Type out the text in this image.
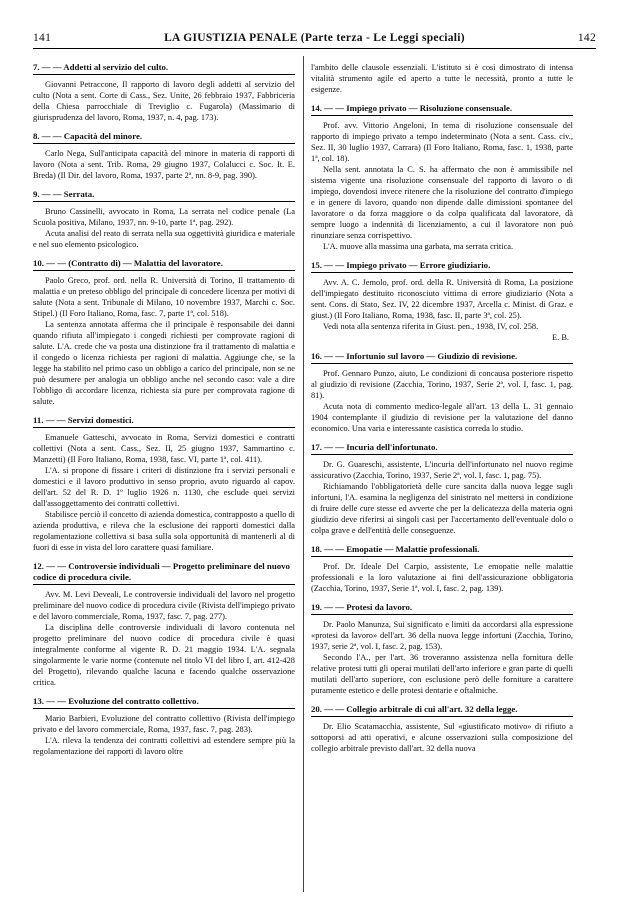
141	LA GIUSTIZIA PENALE (Parte terza - Le Leggi speciali)	142
7. — — Addetti al servizio del culto.

Giovanni Petraccone, Il rapporto di lavoro degli addetti al servizio del culto (Nota a sent. Corte di Cass., Sez. Unite, 26 febbraio 1937, Fabbriceria della Chiesa parrocchiale di Treviglio c. Fugarola) (Massimario di giurisprudenza del lavoro, Roma, 1937, n. 4, pag. 173).

8. — — Capacità del minore.

Carlo Nega, Sull'anticipata capacità del minore in materia di rapporti di lavoro (Nota a sent. Trib. Roma, 29 giugno 1937, Colalucci c. Soc. It. E. Breda) (Il Dir. del lavoro, Roma, 1937, parte 2ª, nn. 8-9, pag. 390).

9. — — Serrata.

Bruno Cassinelli, avvocato in Roma, La serrata nel codice penale (La Scuola positiva, Milano, 1937, nn. 9-10, parte 1ª, pag. 292).

Acuta analisi del reato di serrata nella sua oggettività giuridica e materiale e nel suo elemento psicologico.

10. — — (Contratto di) — Malattia del lavoratore.

Paolo Greco, prof. ord. nella R. Università di Torino, Il trattamento di malattia e un preteso obbligo del principale di concedere licenza per motivi di salute (Nota a sent. Tribunale di Milano, 10 novembre 1937, Marchi c. Soc. Stipel.) (Il Foro Italiano, Roma, fasc. 7, parte 1ª, col. 518).

La sentenza annotata afferma che il principale è responsabile dei danni quando rifiuta all'impiegato i congedi richiesti per comprovate ragioni di salute. L'A. crede che va posta una distinzione fra il trattamento di malattia e il congedo o licenza richiesta per ragioni di malattia. Aggiunge che, se la legge ha stabilito nel primo caso un obbligo a carico del principale, non se ne può desumere per analogia un obbligo anche nel secondo caso: vale a dire l'obbligo di accordare licenza, richiesta sia pure per comprovata ragione di salute.

11. — — Servizi domestici.

Emanuele Gatteschi, avvocato in Roma, Servizi domestici e contratti collettivi (Nota a sent. Cass., Sez. II, 25 giugno 1937, Sammartino c. Manzetti) (Il Foro Italiano, Roma, 1938, fasc. VI, parte 1ª, col. 411).

L'A. si propone di fissare i criteri di distinzione fra i servizi personali e domestici e il lavoro produttivo in senso proprio, avuto riguardo al capov. dell'art. 52 del R. D. 1º luglio 1926 n. 1130, che esclude quei servizi dall'assoggettamento dei contratti collettivi.

Stabilisce perciò il concetto di azienda domestica, contrapposto a quello di azienda produttiva, e rileva che la esclusione dei rapporti domestici dalla regolamentazione collettiva si basa sulla sola opportunità di mantenerli al di fuori di esse in vista del loro carattere quasi familiare.

12. — — Controversie individuali — Progetto preliminare del nuovo codice di procedura civile.

Avv. M. Levi Deveali, Le controversie individuali del lavoro nel progetto preliminare del nuovo codice di procedura civile (Rivista dell'impiego privato e del lavoro commerciale, Roma, 1937, fasc. 7, pag. 277).

La disciplina delle controversie individuali di lavoro contenuta nel progetto preliminare del nuovo codice di procedura civile è quasi integralmente conforme al vigente R. D. 21 maggio 1934. L'A. segnala singolarmente le varie norme (contenute nel titolo VI del libro I, art. 412-428 del Progetto), rilevando qualche lacuna e facendo qualche osservazione critica.

13. — — Evoluzione del contratto collettivo.

Mario Barbieri, Evoluzione del contratto collettivo (Rivista dell'impiego privato e del lavoro commerciale, Roma, 1937, fasc. 7, pag. 283).

L'A. rileva la tendenza dei contratti collettivi ad estendere sempre più la regolamentazione dei rapporti di lavoro oltre

l'ambito delle clausole essenziali. L'istituto si è così dimostrato di intensa vitalità strumento agile ed aperto a tutte le necessità, pronto a tutte le esigenze.

14. — — Impiego privato — Risoluzione consensuale.

Prof. avv. Vittorio Angeloni, In tema di risoluzione consensuale del rapporto di impiego privato a tempo indeterminato (Nota a sent. Cass. civ., Sez. II, 30 luglio 1937, Carrara) (Il Foro Italiano, Roma, fasc. 1, 1938, parte 1ª, col. 18).

Nella sent. annotata la C. S. ha affermato che non è ammissibile nel sistema vigente una risoluzione consensuale del rapporto di lavoro o di impiego, dovendosi invece ritenere che la risoluzione del contratto d'impiego e in genere di lavoro, quando non dipende dalle dimissioni spontanee del lavoratore o da forza maggiore o da colpa qualificata dal lavoratore, dà sempre luogo a indennità di licenziamento, a cui il lavoratore non può rinunziare senza corrispettivo.

L'A. muove alla massima una garbata, ma serrata critica.

15. — — Impiego privato — Errore giudiziario.

Avv. A. C. Jemolo, prof. ord. della R. Università di Roma, La posizione dell'impiegato destituito riconosciuto vittima di errore giudiziario (Nota a sent. Cons. di Stato, Sez. IV, 22 dicembre 1937, Arcella c. Minist. di Graz. e giust.) (Il Foro Italiano, Roma, 1938, fasc. II, parte 3ª, col. 25).

Vedi nota alla sentenza riferita in Giust. pen., 1938, IV, col. 258.

E. B.

16. — — Infortunio sul lavoro — Giudizio di revisione.

Prof. Gennaro Punzo, aiuto, Le condizioni di concausa posteriore rispetto al giudizio di revisione (Zacchia, Torino, 1937, Serie 2ª, vol. I, fasc. 1, pag. 81).

Acuta nota di commento medico-legale all'art. 13 della L. 31 gennaio 1904 contemplante il giudizio di revisione per la valutazione del danno economico. Una varia e interessante casistica correda lo studio.

17. — — Incuria dell'infortunato.

Dr. G. Guareschi, assistente, L'incuria dell'infortunato nel nuovo regime assicurativo (Zacchia, Torino, 1937, Serie 2ª, vol. I, fasc. 1, pag. 75).

Richiamando l'obbligatorietà delle cure sancita dalla nuova legge sugli infortuni, l'A. esamina la negligenza del sinistrato nel mettersi in condizione di fruire delle cure stesse ed avverte che per la delicatezza della materia ogni giudizio deve riferirsi ai singoli casi per l'accertamento dell'eventuale dolo o colpa grave e dell'entità delle conseguenze.

18. — — Emopatie — Malattie professionali.

Prof. Dr. Ideale Del Carpio, assistente, Le emopatie nelle malattie professionali e la loro valutazione ai fini dell'assicurazione obbligatoria (Zacchia, Torino, 1937, Serie 1ª, vol. I, fasc. 2, pag. 139).

19. — — Protesi da lavoro.

Dr. Paolo Manunza, Sui significato e limiti da accordarsi alla espressione «protesi da lavoro» dell'art. 36 della nuova legge infortuni (Zacchia, Torino, 1937, serie 2ª, vol. I, fasc. 2, pag. 153).

Secondo l'A., per l'art. 36 troveranno assistenza nella fornitura delle relative protesi tutti gli operai mutilati dell'arto inferiore e gran parte di quelli mutilati dell'arto superiore, con esclusione però delle forniture a carattere puramente estetico e delle protesi dentarie e oftalmiche.

20. — — Collegio arbitrale di cui all'art. 32 della legge.

Dr. Elio Scatamacchia, assistente, Sul «giustificato motivo» di rifiuto a sottoporsi ad atti operativi, e alcune osservazioni sulla composizione del collegio arbitrale previsto dall'art. 32 della nuova
